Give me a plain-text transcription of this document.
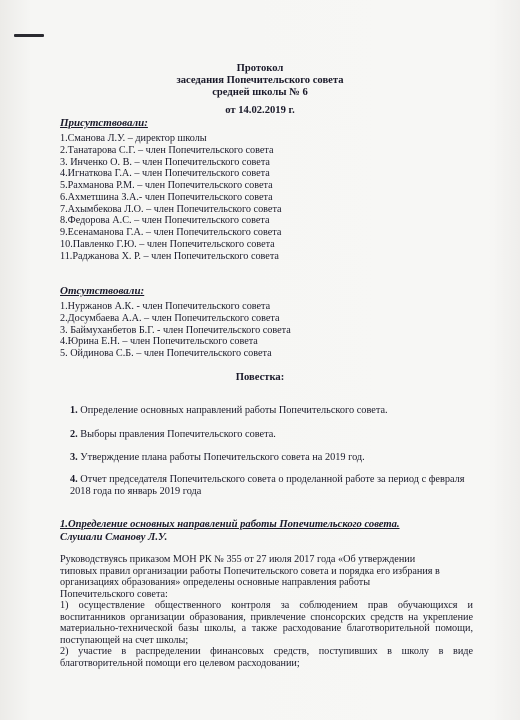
Протокол
заседания Попечительского совета
средней школы № 6
от 14.02.2019 г.
Присутствовали:
1.Сманова Л.У. – директор школы
2.Танатарова С.Г. – член Попечительского совета
3. Инченко О. В. – член Попечительского совета
4.Игнаткова Г.А. – член Попечительского совета
5.Рахманова Р.М. – член Попечительского совета
6.Ахметшина З.А.- член Попечительского совета
7.Ахымбекова Л.О. – член Попечительского совета
8.Федорова А.С. – член Попечительского совета
9.Есенаманова Г.А. – член Попечительского совета
10.Павленко Г.Ю. – член Попечительского совета
11.Раджанова Х. Р. – член Попечительского совета
Отсутствовали:
1.Нуржанов А.К. - член Попечительского совета
2.Досумбаева А.А. – член Попечительского совета
3. Баймуханбетов Б.Г. - член Попечительского совета
4.Юрина Е.Н. – член Попечительского совета
5. Ойдинова С.Б. – член Попечительского совета
Повестка:
1. Определение основных направлений работы Попечительского совета.
2. Выборы правления Попечительского совета.
3. Утверждение плана работы Попечительского совета на 2019 год.
4. Отчет председателя Попечительского совета о проделанной работе за период с февраля 2018 года по январь 2019 года
1.Определение основных направлений работы Попечительского совета.
Слушали Сманову Л.У.
Руководствуясь приказом МОН РК № 355 от 27 июля 2017 года «Об утверждении
типовых правил организации работы Попечительского совета и порядка его избрания в
организациях образования» определены основные направления работы
Попечительского совета:
1) осуществление общественного контроля за соблюдением прав обучающихся и воспитанников организации образования, привлечение спонсорских средств на укрепление материально-технической базы школы, а также расходование благотворительной помощи, поступающей на счет школы;
2) участие в распределении финансовых средств, поступивших в школу в виде благотворительной помощи его целевом расходовании;
